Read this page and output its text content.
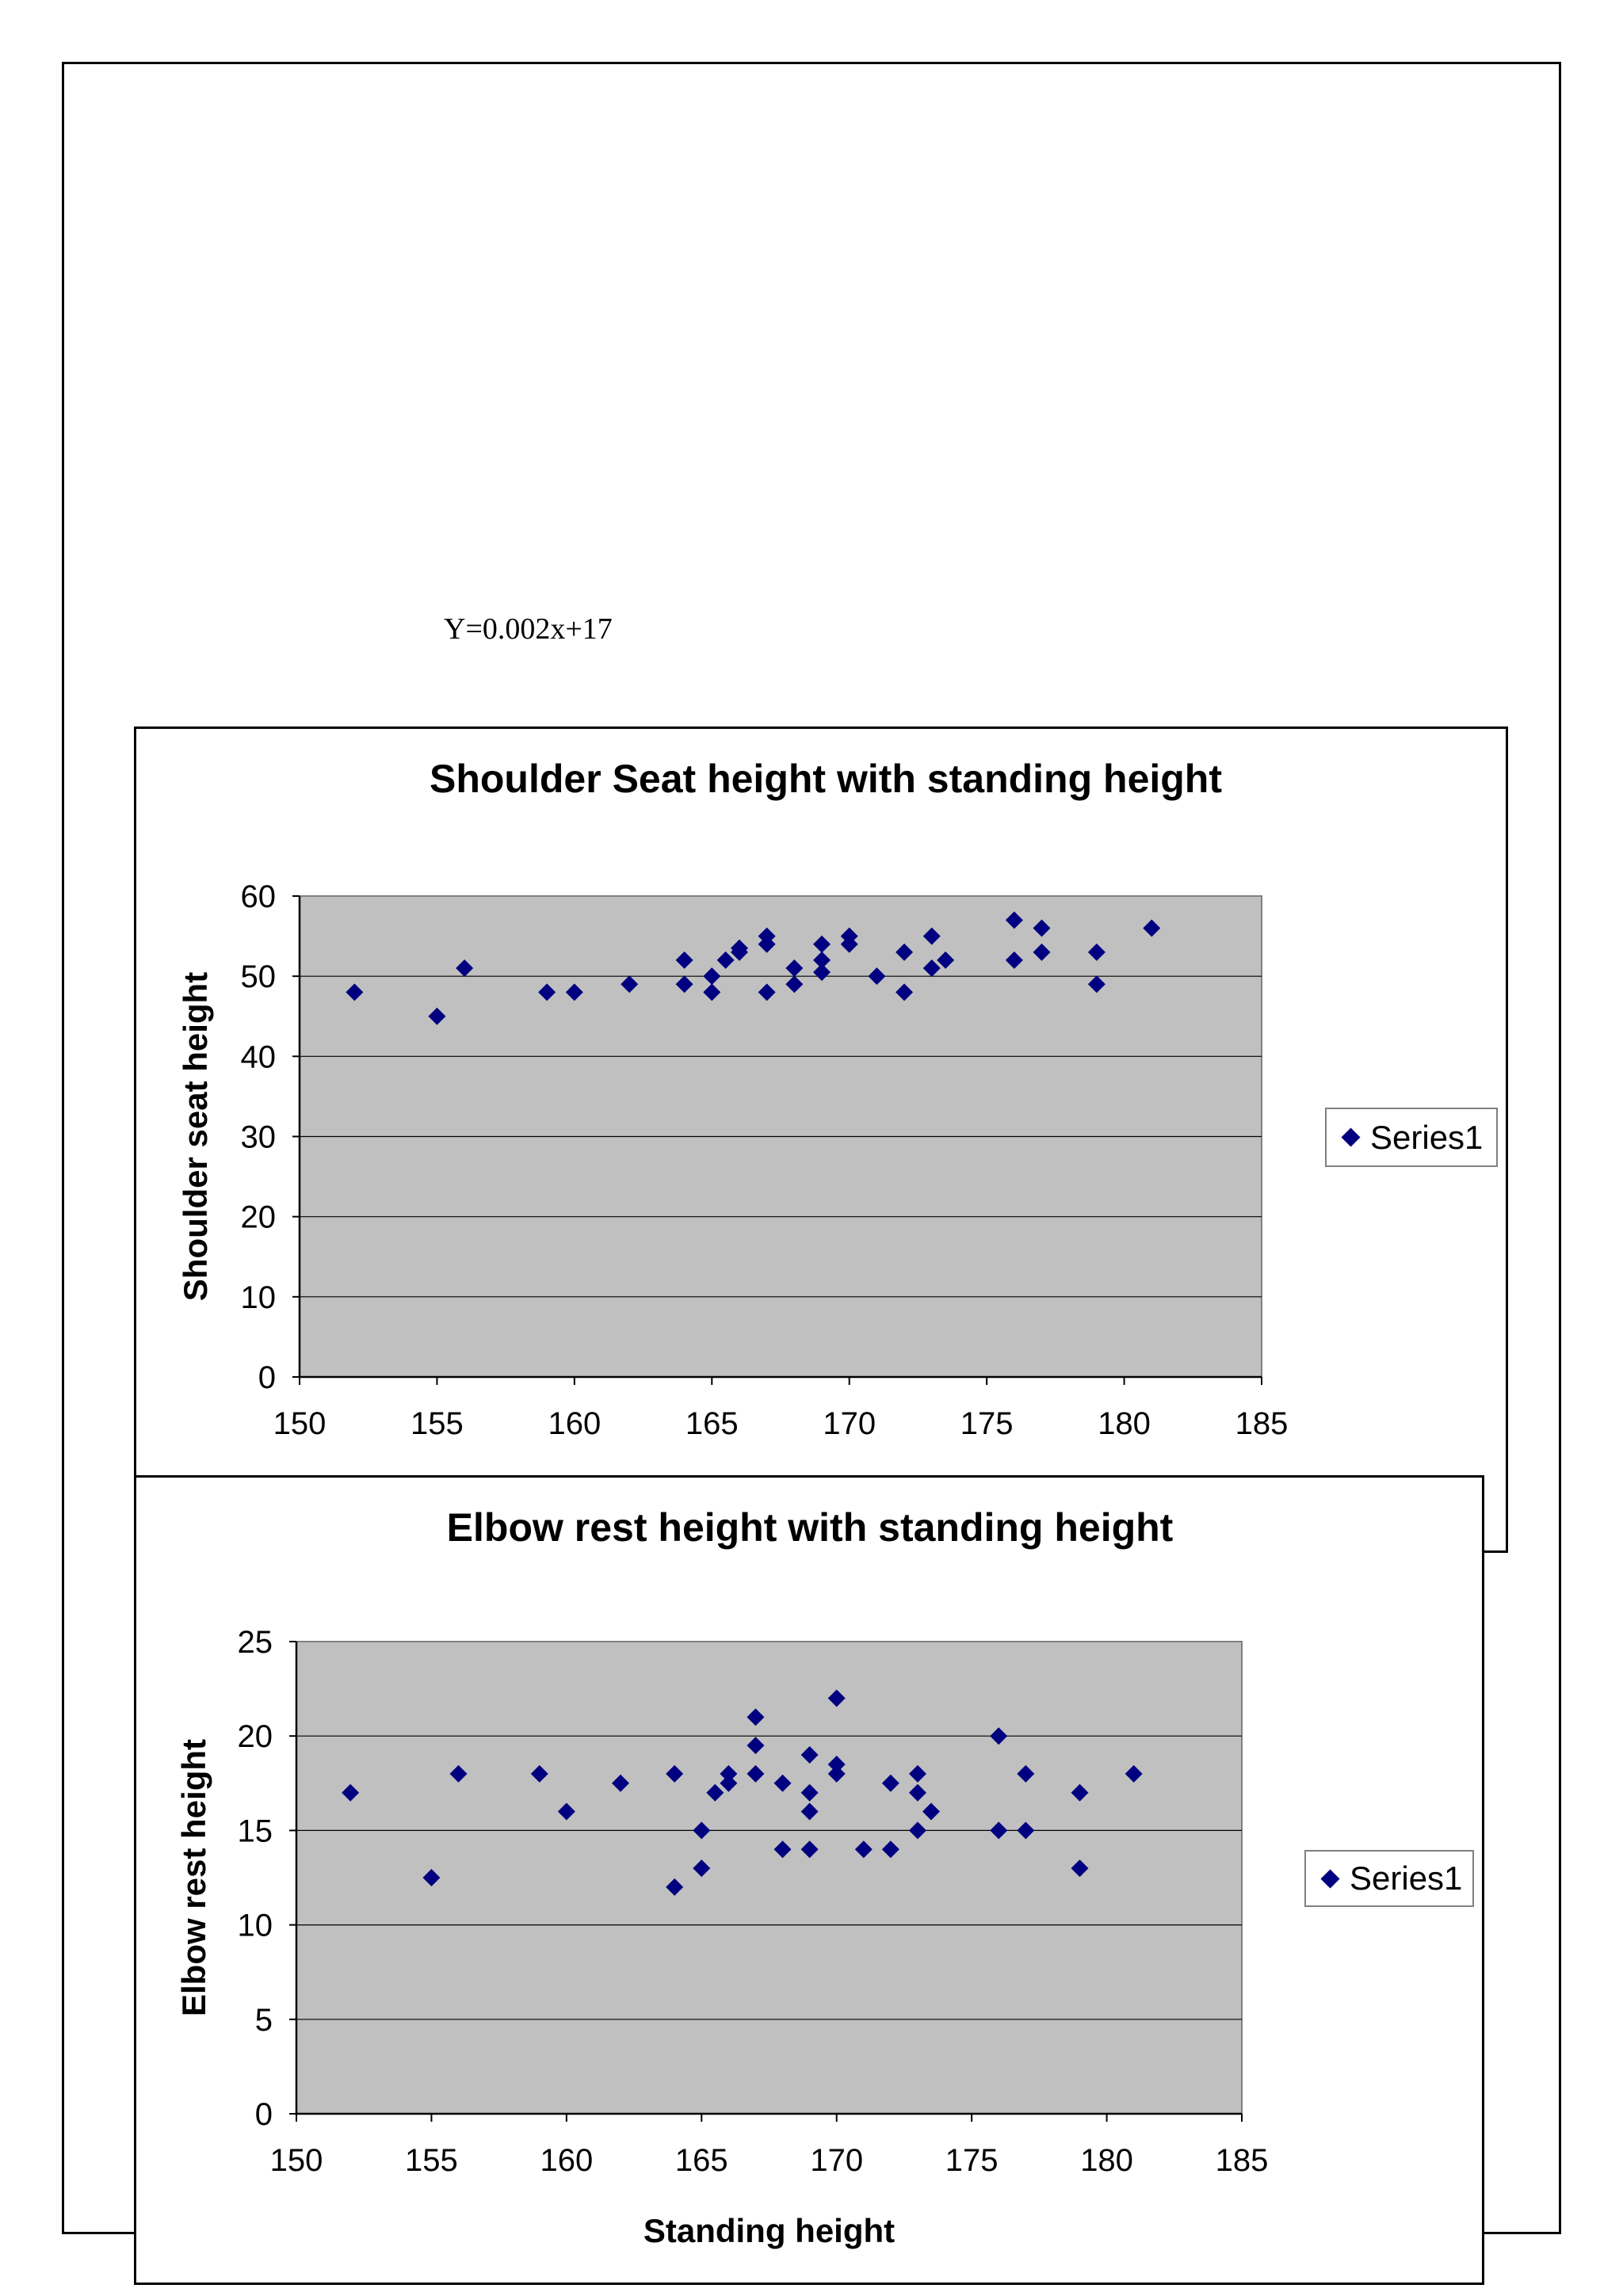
Y=0.002x+17
Shoulder Seat height with standing height
0
10
20
30
40
50
60
150	155	160	165	170	175	180	185
Shoulder seat height	Series1
Elbow rest height with standing height
0
5
10
15
20
25
150	155	160	165	170	175	180	185
Elbow rest height
Standing height
Series1
